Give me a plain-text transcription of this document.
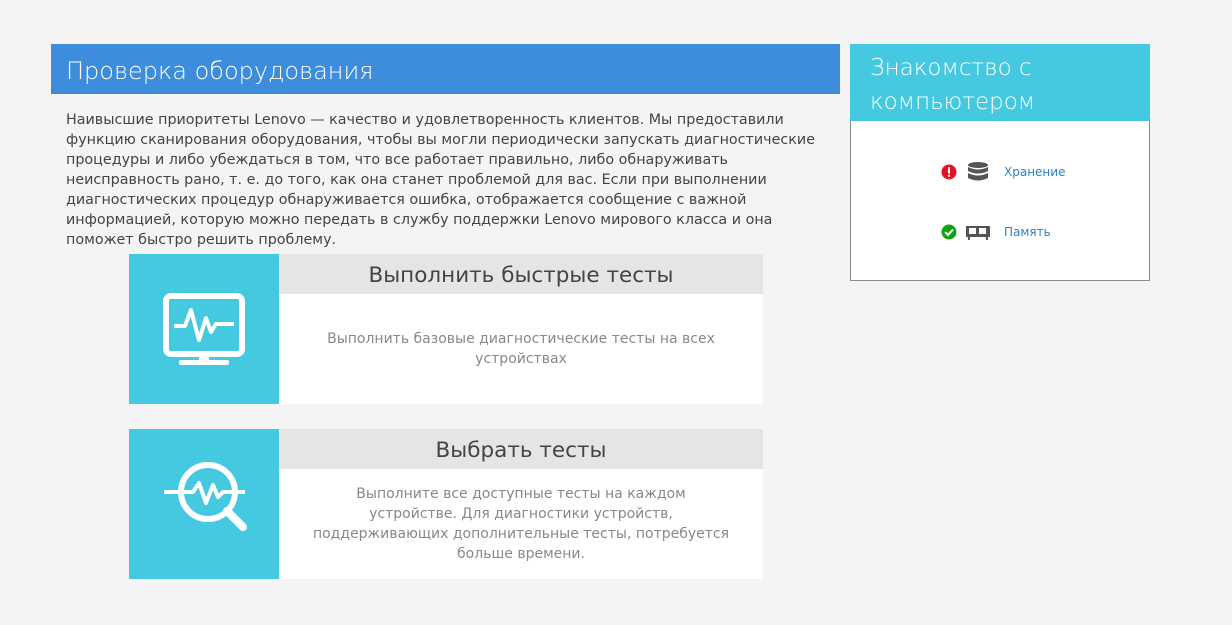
Проверка оборудования

Наивысшие приоритеты Lenovo — качество и удовлетворенность клиентов. Мы предоставили функцию сканирования оборудования, чтобы вы могли периодически запускать диагностические процедуры и либо убеждаться в том, что все работает правильно, либо обнаруживать неисправность рано, т. е. до того, как она станет проблемой для вас. Если при выполнении диагностических процедур обнаруживается ошибка, отображается сообщение с важной информацией, которую можно передать в службу поддержки Lenovo мирового класса и она поможет быстро решить проблему.

Выполнить быстрые тесты
Выполнить базовые диагностические тесты на всех устройствах
Выбрать тесты
Выполните все доступные тесты на каждом устройстве. Для диагностики устройств, поддерживающих дополнительные тесты, потребуется больше времени.
Знакомство с компьютером
Хранение
Память
